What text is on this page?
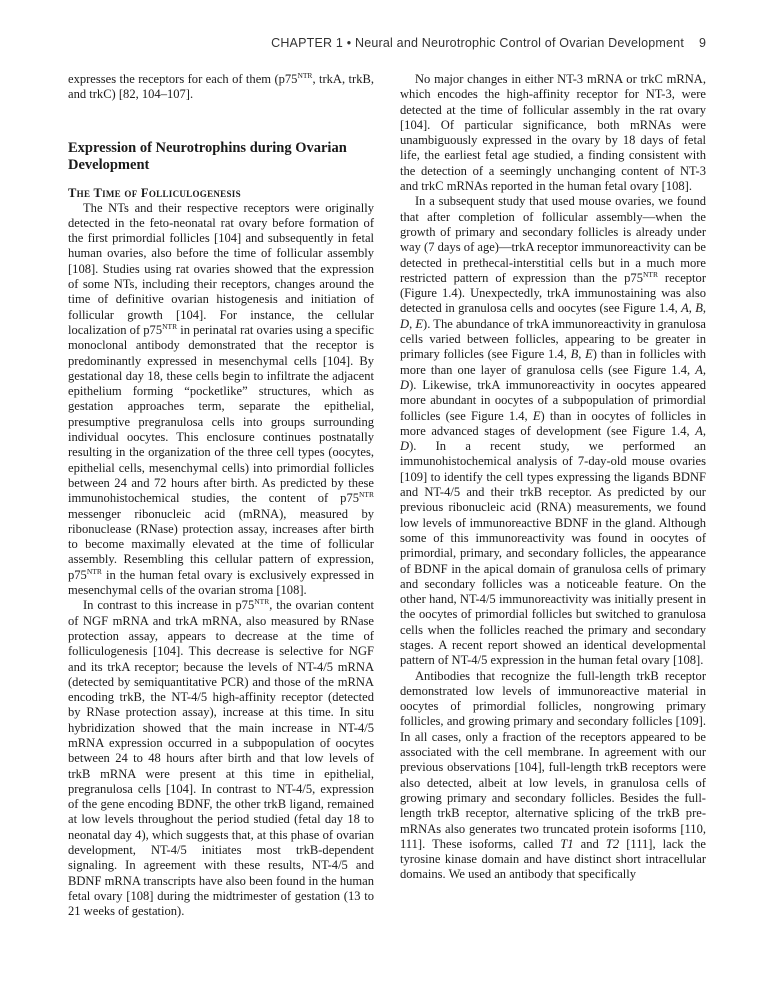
CHAPTER 1 • Neural and Neurotrophic Control of Ovarian Development 9

expresses the receptors for each of them ($p75^{NTR}$, trkA, trkB, and trkC) [82, 104–107].

Expression of Neurotrophins during Ovarian Development
The Time of Folliculogenesis

The NTs and their respective receptors were originally detected in the feto-neonatal rat ovary before formation of the first primordial follicles [104] and subsequently in fetal human ovaries, also before the time of follicular assembly [108]. Studies using rat ovaries showed that the expression of some NTs, including their receptors, changes around the time of definitive ovarian histogenesis and initiation of follicular growth [104]. For instance, the cellular localization of $p75^{NTR}$ in perinatal rat ovaries using a specific monoclonal antibody demonstrated that the receptor is predominantly expressed in mesenchymal cells [104]. By gestational day 18, these cells begin to infiltrate the adjacent epithelium forming “pocketlike” structures, which as gestation approaches term, separate the epithelial, presumptive pregranulosa cells into groups surrounding individual oocytes. This enclosure continues postnatally resulting in the organization of the three cell types (oocytes, epithelial cells, mesenchymal cells) into primordial follicles between 24 and 72 hours after birth. As predicted by these immunohistochemical studies, the content of $p75^{NTR}$ messenger ribonucleic acid (mRNA), measured by ribonuclease (RNase) protection assay, increases after birth to become maximally elevated at the time of follicular assembly. Resembling this cellular pattern of expression, $p75^{NTR}$ in the human fetal ovary is exclusively expressed in mesenchymal cells of the ovarian stroma [108].

In contrast to this increase in $p75^{NTR}$, the ovarian content of NGF mRNA and trkA mRNA, also measured by RNase protection assay, appears to decrease at the time of folliculogenesis [104]. This decrease is selective for NGF and its trkA receptor; because the levels of NT-4/5 mRNA (detected by semiquantitative PCR) and those of the mRNA encoding trkB, the NT-4/5 high-affinity receptor (detected by RNase protection assay), increase at this time. In situ hybridization showed that the main increase in NT-4/5 mRNA expression occurred in a subpopulation of oocytes between 24 to 48 hours after birth and that low levels of trkB mRNA were present at this time in epithelial, pregranulosa cells [104]. In contrast to NT-4/5, expression of the gene encoding BDNF, the other trkB ligand, remained at low levels throughout the period studied (fetal day 18 to neonatal day 4), which suggests that, at this phase of ovarian development, NT-4/5 initiates most trkB-dependent signaling. In agreement with these results, NT-4/5 and BDNF mRNA transcripts have also been found in the human fetal ovary [108] during the midtrimester of gestation (13 to 21 weeks of gestation).

No major changes in either NT-3 mRNA or trkC mRNA, which encodes the high-affinity receptor for NT-3, were detected at the time of follicular assembly in the rat ovary [104]. Of particular significance, both mRNAs were unambiguously expressed in the ovary by 18 days of fetal life, the earliest fetal age studied, a finding consistent with the detection of a seemingly unchanging content of NT-3 and trkC mRNAs reported in the human fetal ovary [108].

In a subsequent study that used mouse ovaries, we found that after completion of follicular assembly—when the growth of primary and secondary follicles is already under way (7 days of age)—trkA receptor immunoreactivity can be detected in prethecal-interstitial cells but in a much more restricted pattern of expression than the $p75^{NTR}$ receptor (Figure 1.4). Unexpectedly, trkA immunostaining was also detected in granulosa cells and oocytes (see Figure 1.4, A, B, D, E). The abundance of trkA immunoreactivity in granulosa cells varied between follicles, appearing to be greater in primary follicles (see Figure 1.4, B, E) than in follicles with more than one layer of granulosa cells (see Figure 1.4, A, D). Likewise, trkA immunoreactivity in oocytes appeared more abundant in oocytes of a subpopulation of primordial follicles (see Figure 1.4, E) than in oocytes of follicles in more advanced stages of development (see Figure 1.4, A, D). In a recent study, we performed an immunohistochemical analysis of 7-day-old mouse ovaries [109] to identify the cell types expressing the ligands BDNF and NT-4/5 and their trkB receptor. As predicted by our previous ribonucleic acid (RNA) measurements, we found low levels of immunoreactive BDNF in the gland. Although some of this immunoreactivity was found in oocytes of primordial, primary, and secondary follicles, the appearance of BDNF in the apical domain of granulosa cells of primary and secondary follicles was a noticeable feature. On the other hand, NT-4/5 immunoreactivity was initially present in the oocytes of primordial follicles but switched to granulosa cells when the follicles reached the primary and secondary stages. A recent report showed an identical developmental pattern of NT-4/5 expression in the human fetal ovary [108].

Antibodies that recognize the full-length trkB receptor demonstrated low levels of immunoreactive material in oocytes of primordial follicles, nongrowing primary follicles, and growing primary and secondary follicles [109]. In all cases, only a fraction of the receptors appeared to be associated with the cell membrane. In agreement with our previous observations [104], full-length trkB receptors were also detected, albeit at low levels, in granulosa cells of growing primary and secondary follicles. Besides the full-length trkB receptor, alternative splicing of the trkB pre-mRNAs also generates two truncated protein isoforms [110, 111]. These isoforms, called T1 and T2 [111], lack the tyrosine kinase domain and have distinct short intracellular domains. We used an antibody that specifically
